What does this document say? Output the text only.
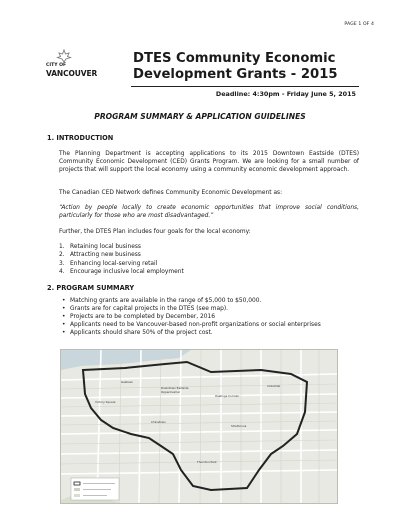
PAGE 1 OF 4
CITY OF
VANCOUVER
DTES Community Economic
Development Grants - 2015
Deadline: 4:30pm - Friday June 5, 2015
PROGRAM SUMMARY & APPLICATION GUIDELINES
1. INTRODUCTION
The Planning Department is accepting applications to its 2015 Downtown Eastside (DTES) Community Economic Development (CED) Grants Program. We are looking for a small number of projects that will support the local economy using a community economic development approach.
The Canadian CED Network defines Community Economic Development as:
“Action by people locally to create economic opportunities that improve social conditions, particularly for those who are most disadvantaged.”
Further, the DTES Plan includes four goals for the local economy:
1. Retaining local business
2. Attracting new business
3. Enhancing local-serving retail
4. Encourage inclusive local employment
2. PROGRAM SUMMARY
• Matching grants are available in the range of $5,000 to $50,000.
• Grants are for capital projects in the DTES (see map).
• Projects are to be completed by December, 2016
• Applicants need to be Vancouver-based non-profit organizations or social enterprises
• Applicants should share 50% of the project cost.
Gastown
Victory Square
Downtown Eastside Oppenheimer
Hastings Corridor
Industrial
Chinatown
Strathcona
Thornton Park
